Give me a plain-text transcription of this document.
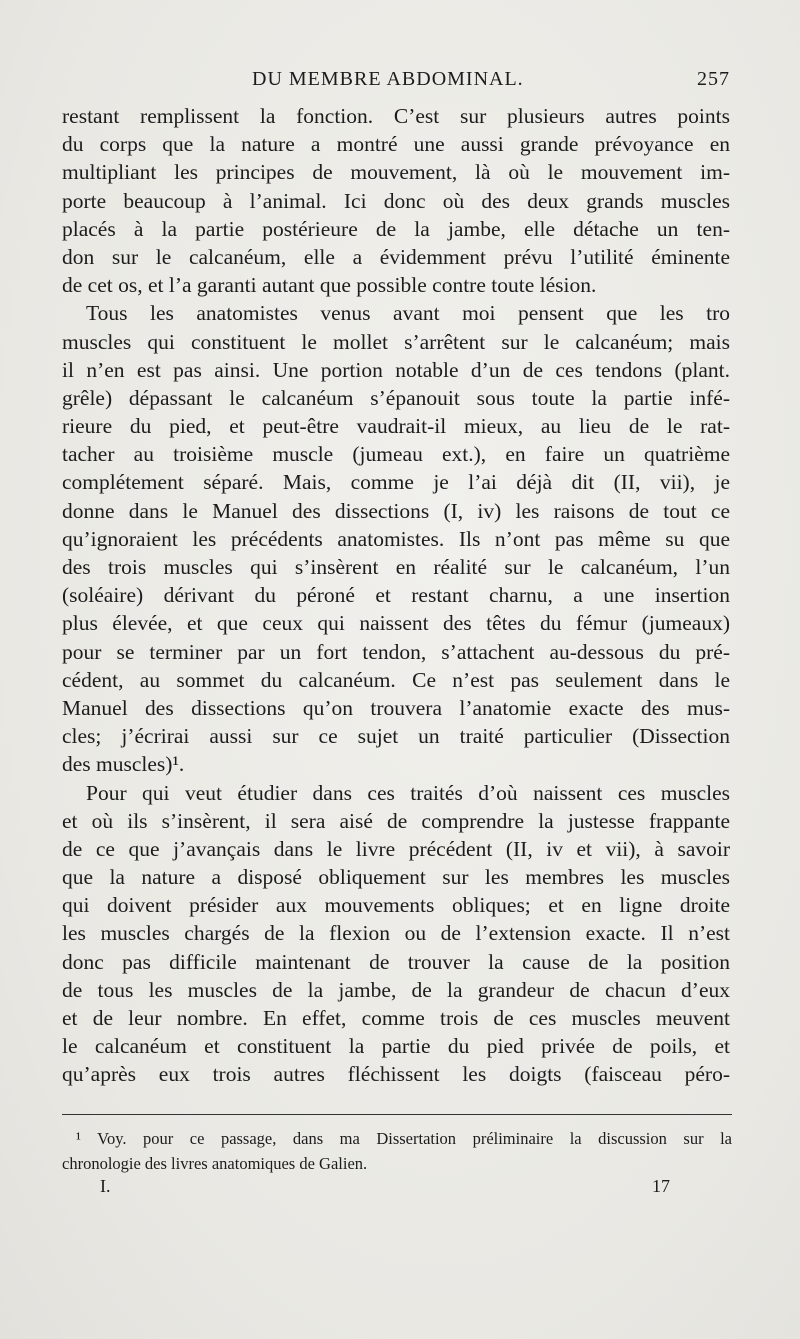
DU MEMBRE ABDOMINAL.	257
restant remplissent la fonction. C’est sur plusieurs autres points
du corps que la nature a montré une aussi grande prévoyance en
multipliant les principes de mouvement, là où le mouvement im-
porte beaucoup à l’animal. Ici donc où des deux grands muscles
placés à la partie postérieure de la jambe, elle détache un ten-
don sur le calcanéum, elle a évidemment prévu l’utilité éminente
de cet os, et l’a garanti autant que possible contre toute lésion.
Tous les anatomistes venus avant moi pensent que les tro
muscles qui constituent le mollet s’arrêtent sur le calcanéum; mais
il n’en est pas ainsi. Une portion notable d’un de ces tendons (plant.
grêle) dépassant le calcanéum s’épanouit sous toute la partie infé-
rieure du pied, et peut-être vaudrait-il mieux, au lieu de le rat-
tacher au troisième muscle (jumeau ext.), en faire un quatrième
complétement séparé. Mais, comme je l’ai déjà dit (II, vii), je
donne dans le Manuel des dissections (I, iv) les raisons de tout ce
qu’ignoraient les précédents anatomistes. Ils n’ont pas même su que
des trois muscles qui s’insèrent en réalité sur le calcanéum, l’un
(soléaire) dérivant du péroné et restant charnu, a une insertion
plus élevée, et que ceux qui naissent des têtes du fémur (jumeaux)
pour se terminer par un fort tendon, s’attachent au-dessous du pré-
cédent, au sommet du calcanéum. Ce n’est pas seulement dans le
Manuel des dissections qu’on trouvera l’anatomie exacte des mus-
cles; j’écrirai aussi sur ce sujet un traité particulier (Dissection
des muscles)¹.
Pour qui veut étudier dans ces traités d’où naissent ces muscles
et où ils s’insèrent, il sera aisé de comprendre la justesse frappante
de ce que j’avançais dans le livre précédent (II, iv et vii), à savoir
que la nature a disposé obliquement sur les membres les muscles
qui doivent présider aux mouvements obliques; et en ligne droite
les muscles chargés de la flexion ou de l’extension exacte. Il n’est
donc pas difficile maintenant de trouver la cause de la position
de tous les muscles de la jambe, de la grandeur de chacun d’eux
et de leur nombre. En effet, comme trois de ces muscles meuvent
le calcanéum et constituent la partie du pied privée de poils, et
qu’après eux trois autres fléchissent les doigts (faisceau péro-
¹ Voy. pour ce passage, dans ma Dissertation préliminaire la discussion sur la
chronologie des livres anatomiques de Galien.
I.	17
